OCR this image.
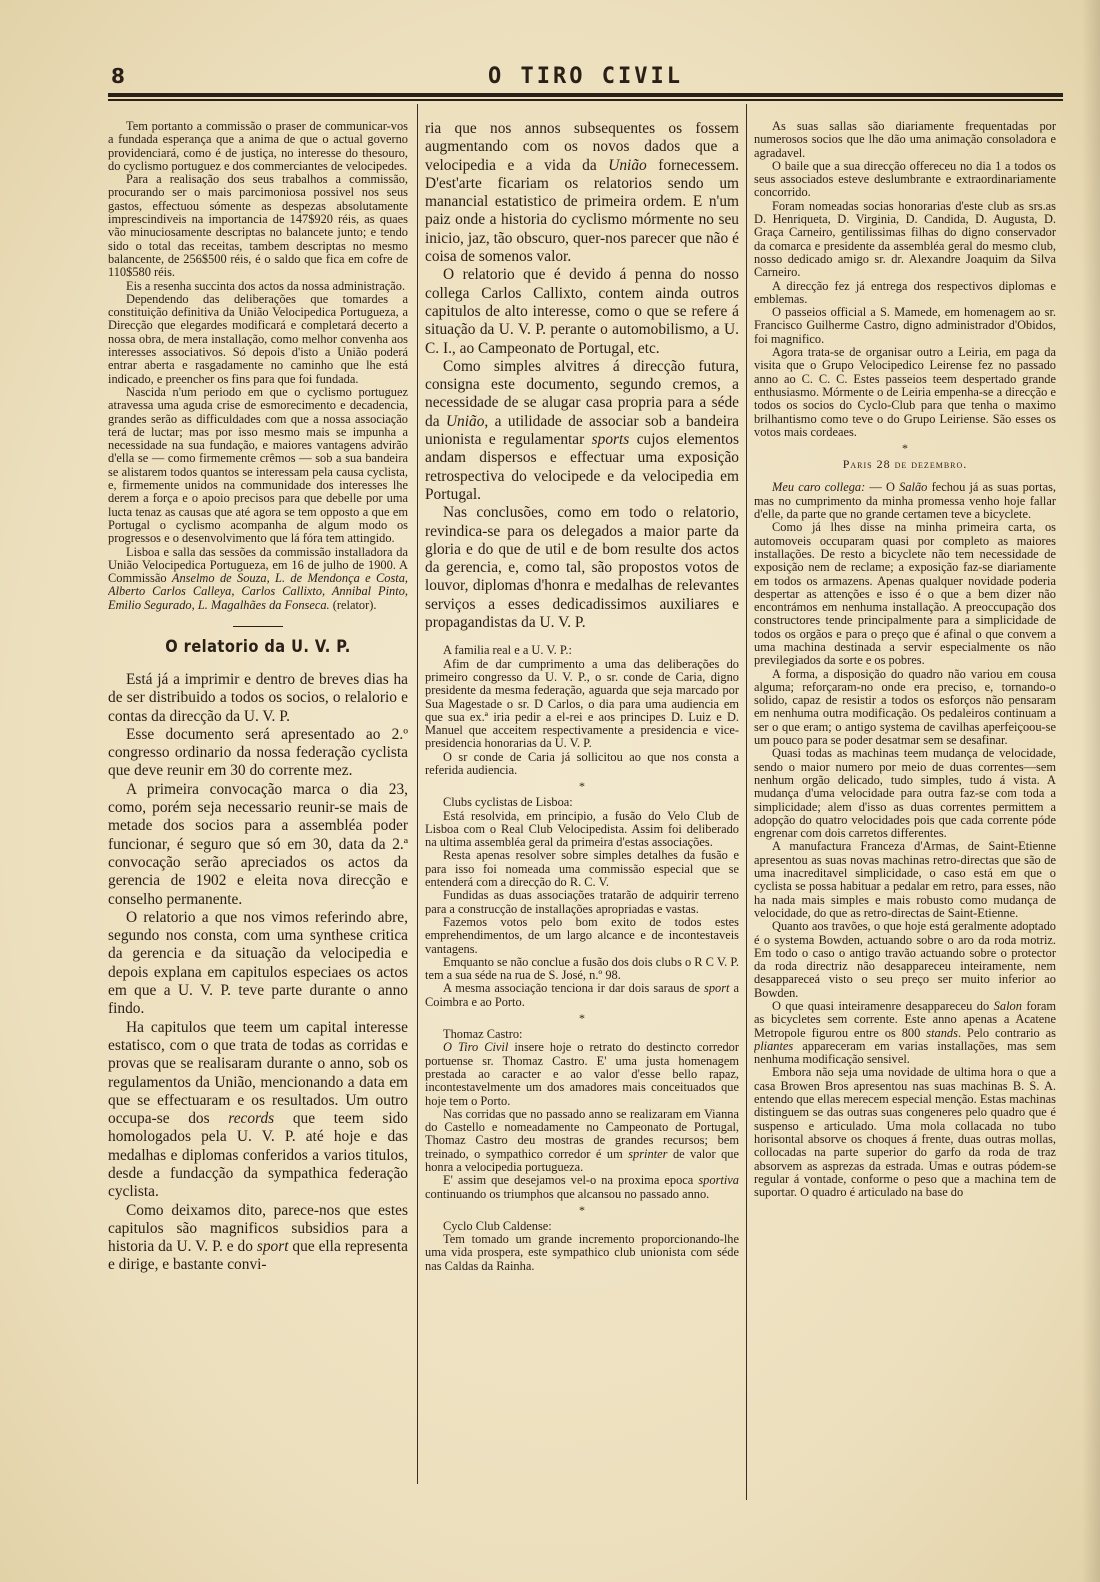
8	O TIRO CIVIL

Tem portanto a commissão o praser de communicar-vos a fundada esperança que a anima de que o actual governo providenciará, como é de justiça, no interesse do thesouro, do cyclismo portuguez e dos commerciantes de velocipedes.

Para a realisação dos seus trabalhos a commissão, procurando ser o mais parcimoniosa possivel nos seus gastos, effectuou sómente as despezas absolutamente imprescindiveis na importancia de 147$920 réis, as quaes vão minuciosamente descriptas no balancete junto; e tendo sido o total das receitas, tambem descriptas no mesmo balancente, de 256$500 réis, é o saldo que fica em cofre de 110$580 réis.

Eis a resenha succinta dos actos da nossa administração.

Dependendo das deliberações que tomardes a constituição definitiva da União Velocipedica Portugueza, a Direcção que elegardes modificará e completará decerto a nossa obra, de mera installação, como melhor convenha aos interesses associativos. Só depois d'isto a União poderá entrar aberta e rasgadamente no caminho que lhe está indicado, e preencher os fins para que foi fundada.

Nascida n'um periodo em que o cyclismo portuguez atravessa uma aguda crise de esmorecimento e decadencia, grandes serão as difficuldades com que a nossa associação terá de luctar; mas por isso mesmo mais se impunha a necessidade na sua fundação, e maiores vantagens advirão d'ella se — como firmemente crêmos — sob a sua bandeira se alistarem todos quantos se interessam pela causa cyclista, e, firmemente unidos na communidade dos interesses lhe derem a força e o apoio precisos para que debelle por uma lucta tenaz as causas que até agora se tem opposto a que em Portugal o cyclismo acompanha de algum modo os progressos e o desenvolvimento que lá fóra tem attingido.

Lisboa e salla das sessões da commissão installadora da União Velocipedica Portugueza, em 16 de julho de 1900. A Commissão Anselmo de Souza, L. de Mendonça e Costa, Alberto Carlos Calleya, Carlos Callixto, Annibal Pinto, Emilio Segurado, L. Magalhães da Fonseca. (relator).

O relatorio da U. V. P.

Está já a imprimir e dentro de breves dias ha de ser distribuido a todos os socios, o relalorio e contas da direcção da U. V. P.

Esse documento será apresentado ao 2.º congresso ordinario da nossa federação cyclista que deve reunir em 30 do corrente mez.

A primeira convocação marca o dia 23, como, porém seja necessario reunir-se mais de metade dos socios para a assembléa poder funcionar, é seguro que só em 30, data da 2.ª convocação serão apreciados os actos da gerencia de 1902 e eleita nova direcção e conselho permanente.

O relatorio a que nos vimos referindo abre, segundo nos consta, com uma synthese critica da gerencia e da situação da velocipedia e depois explana em capitulos especiaes os actos em que a U. V. P. teve parte durante o anno findo.

Ha capitulos que teem um capital interesse estatisco, com o que trata de todas as corridas e provas que se realisaram durante o anno, sob os regulamentos da União, mencionando a data em que se effectuaram e os resultados. Um outro occupa-se dos records que teem sido homologados pela U. V. P. até hoje e das medalhas e diplomas conferidos a varios titulos, desde a fundacção da sympathica federação cyclista.

Como deixamos dito, parece-nos que estes capitulos são magnificos subsidios para a historia da U. V. P. e do sport que ella representa e dirige, e bastante convi-

ria que nos annos subsequentes os fossem augmentando com os novos dados que a velocipedia e a vida da União fornecessem. D'est'arte ficariam os relatorios sendo um manancial estatistico de primeira ordem. E n'um paiz onde a historia do cyclismo mórmente no seu inicio, jaz, tão obscuro, quer-nos parecer que não é coisa de somenos valor.

O relatorio que é devido á penna do nosso collega Carlos Callixto, contem ainda outros capitulos de alto interesse, como o que se refere á situação da U. V. P. perante o automobilismo, a U. C. I., ao Campeonato de Portugal, etc.

Como simples alvitres á direcção futura, consigna este documento, segundo cremos, a necessidade de se alugar casa propria para a séde da União, a utilidade de associar sob a bandeira unionista e regulamentar sports cujos elementos andam dispersos e effectuar uma exposição retrospectiva do velocipede e da velocipedia em Portugal.

Nas conclusões, como em todo o relatorio, revindica-se para os delegados a maior parte da gloria e do que de util e de bom resulte dos actos da gerencia, e, como tal, são propostos votos de louvor, diplomas d'honra e medalhas de relevantes serviços a esses dedicadissimos auxiliares e propagandistas da U. V. P.

A familia real e a U. V. P.:

Afim de dar cumprimento a uma das deliberações do primeiro congresso da U. V. P., o sr. conde de Caria, digno presidente da mesma federação, aguarda que seja marcado por Sua Magestade o sr. D Carlos, o dia para uma audiencia em que sua ex.ª iria pedir a el-rei e aos principes D. Luiz e D. Manuel que acceitem respectivamente a presidencia e vice-presidencia honorarias da U. V. P.

O sr conde de Caria já sollicitou ao que nos consta a referida audiencia.

*

Clubs cyclistas de Lisboa:

Está resolvida, em principio, a fusão do Velo Club de Lisboa com o Real Club Velocipedista. Assim foi deliberado na ultima assembléa geral da primeira d'estas associações.

Resta apenas resolver sobre simples detalhes da fusão e para isso foi nomeada uma commissão especial que se entenderá com a direcção do R. C. V.

Fundidas as duas associações tratarão de adquirir terreno para a construcção de installações apropriadas e vastas.

Fazemos votos pelo bom exito de todos estes emprehendimentos, de um largo alcance e de incontestaveis vantagens.

Emquanto se não conclue a fusão dos dois clubs o R C V. P. tem a sua séde na rua de S. José, n.º 98.

A mesma associação tenciona ir dar dois saraus de sport a Coimbra e ao Porto.

*

Thomaz Castro:

O Tiro Civil insere hoje o retrato do destincto corredor portuense sr. Thomaz Castro. E' uma justa homenagem prestada ao caracter e ao valor d'esse bello rapaz, incontestavelmente um dos amadores mais conceituados que hoje tem o Porto.

Nas corridas que no passado anno se realizaram em Vianna do Castello e nomeadamente no Campeonato de Portugal, Thomaz Castro deu mostras de grandes recursos; bem treinado, o sympathico corredor é um sprinter de valor que honra a velocipedia portugueza.

E' assim que desejamos vel-o na proxima epoca sportiva continuando os triumphos que alcansou no passado anno.

*

Cyclo Club Caldense:

Tem tomado um grande incremento proporcionando-lhe uma vida prospera, este sympathico club unionista com séde nas Caldas da Rainha.

As suas sallas são diariamente frequentadas por numerosos socios que lhe dão uma animação consoladora e agradavel.

O baile que a sua direcção offereceu no dia 1 a todos os seus associados esteve deslumbrante e extraordinariamente concorrido.

Foram nomeadas socias honorarias d'este club as srs.as D. Henriqueta, D. Virginia, D. Candida, D. Augusta, D. Graça Carneiro, gentilissimas filhas do digno conservador da comarca e presidente da assembléa geral do mesmo club, nosso dedicado amigo sr. dr. Alexandre Joaquim da Silva Carneiro.

A direcção fez já entrega dos respectivos diplomas e emblemas.

O passeios official a S. Mamede, em homenagem ao sr. Francisco Guilherme Castro, digno administrador d'Obidos, foi magnifico.

Agora trata-se de organisar outro a Leiria, em paga da visita que o Grupo Velocipedico Leirense fez no passado anno ao C. C. C. Estes passeios teem despertado grande enthusiasmo. Mórmente o de Leiria empenha-se a direcção e todos os socios do Cyclo-Club para que tenha o maximo brilhantismo como teve o do Grupo Leiriense. São esses os votos mais cordeaes.

*
Paris 28 de dezembro.

Meu caro collega: — O Salão fechou já as suas portas, mas no cumprimento da minha promessa venho hoje fallar d'elle, da parte que no grande certamen teve a bicyclete.

Como já lhes disse na minha primeira carta, os automoveis occuparam quasi por completo as maiores installações. De resto a bicyclete não tem necessidade de exposição nem de reclame; a exposição faz-se diariamente em todos os armazens. Apenas qualquer novidade poderia despertar as attenções e isso é o que a bem dizer não encontrámos em nenhuma installação. A preoccupação dos constructores tende principalmente para a simplicidade de todos os orgãos e para o preço que é afinal o que convem a uma machina destinada a servir especialmente os não previlegiados da sorte e os pobres.

A forma, a disposição do quadro não variou em cousa alguma; reforçaram-no onde era preciso, e, tornando-o solido, capaz de resistir a todos os esforços não pensaram em nenhuma outra modificação. Os pedaleiros continuam a ser o que eram; o antigo systema de cavilhas aperfeiçoou-se um pouco para se poder desatmar sem se desafinar.

Quasi todas as machinas teem mudança de velocidade, sendo o maior numero por meio de duas correntes—sem nenhum orgão delicado, tudo simples, tudo á vista. A mudança d'uma velocidade para outra faz-se com toda a simplicidade; alem d'isso as duas correntes permittem a adopção do quatro velocidades pois que cada corrente póde engrenar com dois carretos differentes.

A manufactura Franceza d'Armas, de Saint-Etienne apresentou as suas novas machinas retro-directas que são de uma inacreditavel simplicidade, o caso está em que o cyclista se possa habituar a pedalar em retro, para esses, não ha nada mais simples e mais robusto como mudança de velocidade, do que as retro-directas de Saint-Etienne.

Quanto aos travões, o que hoje está geralmente adoptado é o systema Bowden, actuando sobre o aro da roda motriz. Em todo o caso o antigo travão actuando sobre o protector da roda directriz não desappareceu inteiramente, nem desappareceá visto o seu preço ser muito inferior ao Bowden.

O que quasi inteiramenre desappareceu do Salon foram as bicycletes sem corrente. Este anno apenas a Acatene Metropole figurou entre os 800 stands. Pelo contrario as pliantes appareceram em varias installações, mas sem nenhuma modificação sensivel.

Embora não seja uma novidade de ultima hora o que a casa Browen Bros apresentou nas suas machinas B. S. A. entendo que ellas merecem especial menção. Estas machinas distinguem se das outras suas congeneres pelo quadro que é suspenso e articulado. Uma mola collacada no tubo horisontal absorve os choques á frente, duas outras mollas, collocadas na parte superior do garfo da roda de traz absorvem as asprezas da estrada. Umas e outras pódem-se regular á vontade, conforme o peso que a machina tem de suportar. O quadro é articulado na base do
